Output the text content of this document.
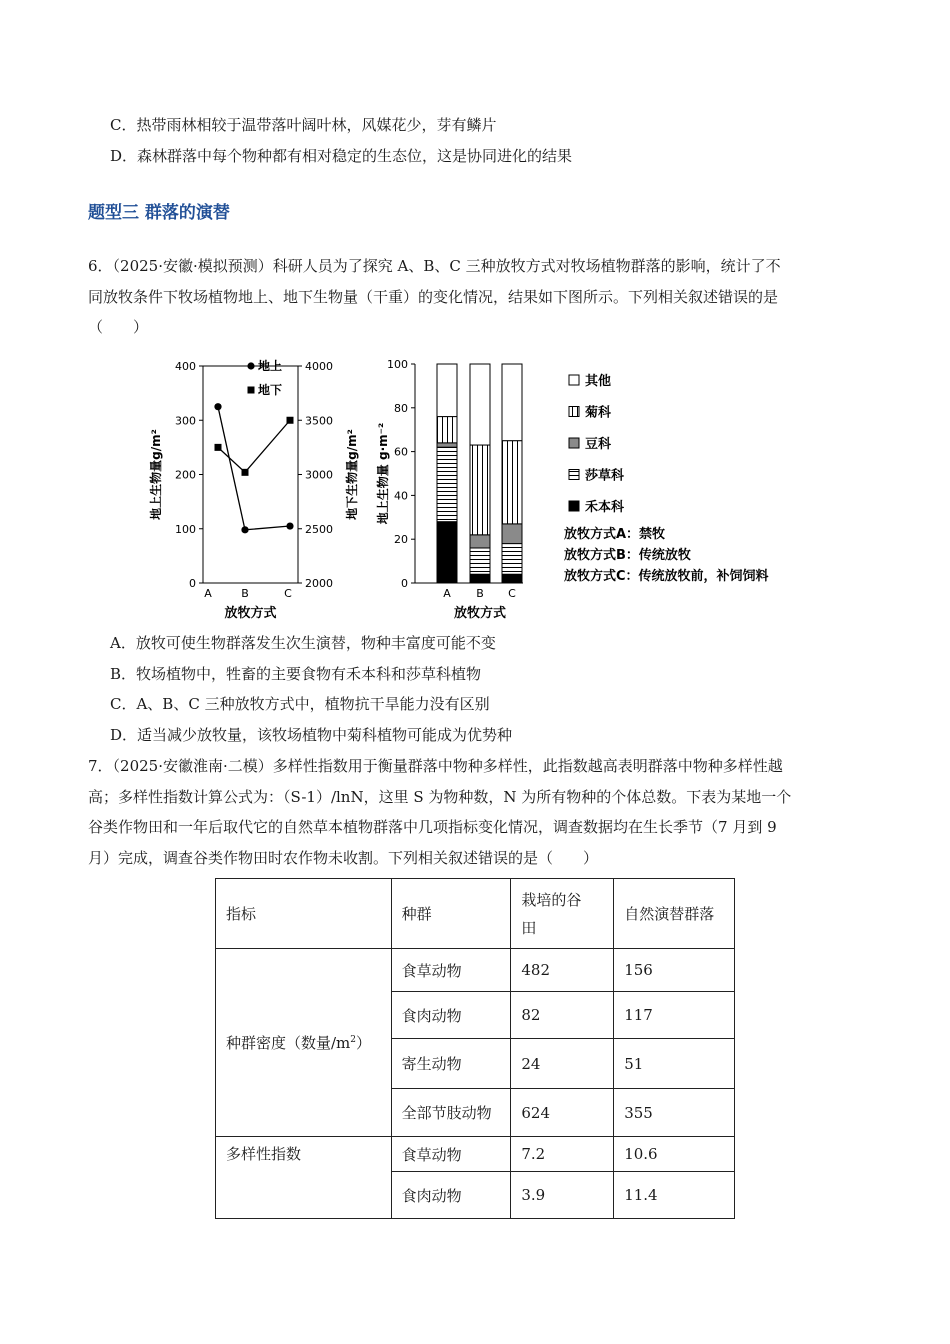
C．热带雨林相较于温带落叶阔叶林，风媒花少，芽有鳞片
D．森林群落中每个物种都有相对稳定的生态位，这是协同进化的结果
题型三 群落的演替
6．（2025·安徽·模拟预测）科研人员为了探究 A、B、C 三种放牧方式对牧场植物群落的影响，统计了不
同放牧条件下牧场植物地上、地下生物量（干重）的变化情况，结果如下图所示。下列相关叙述错误的是
（　　）
0
100
200
300
400
2000
2500
3000
3500
4000
A	B	C
放牧方式
地上生物量g/m²	地下生物量g/m²
地上
地下
0
20
40
60
80
100
地上生物量 g·m⁻²
A B C
放牧方式
其他
菊科
豆科
莎草科
禾本科
放牧方式A：禁牧
放牧方式B：传统放牧
放牧方式C：传统放牧前，补饲饲料
A．放牧可使生物群落发生次生演替，物种丰富度可能不变
B．牧场植物中，牲畜的主要食物有禾本科和莎草科植物
C．A、B、C 三种放牧方式中，植物抗干旱能力没有区别
D．适当减少放牧量，该牧场植物中菊科植物可能成为优势种
7．（2025·安徽淮南·二模）多样性指数用于衡量群落中物种多样性，此指数越高表明群落中物种多样性越
高；多样性指数计算公式为：（S-1）/lnN，这里 S 为物种数，N 为所有物种的个体总数。下表为某地一个
谷类作物田和一年后取代它的自然草本植物群落中几项指标变化情况，调查数据均在生长季节（7 月到 9
月）完成，调查谷类作物田时农作物未收割。下列相关叙述错误的是（　　）
指标	种群	栽培的谷
田	自然演替群落
种群密度（数量$/m^2$）	食草动物	482	156
	食肉动物	82	117
	寄生动物	24	51
	全部节肢动物	624	355
多样性指数	食草动物	7.2	10.6
	食肉动物	3.9	11.4
